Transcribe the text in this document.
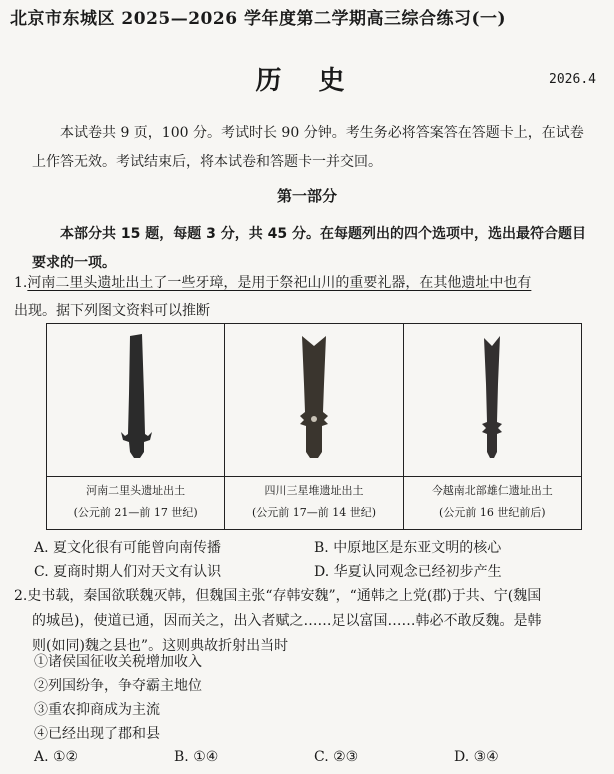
北京市东城区 2025—2026 学年度第二学期高三综合练习(一)
历 史	2026.4
本试卷共 9 页，100 分。考试时长 90 分钟。考生务必将答案答在答题卡上，在试卷上作答无效。考试结束后，将本试卷和答题卡一并交回。
第一部分
本部分共 15 题，每题 3 分，共 45 分。在每题列出的四个选项中，选出最符合题目要求的一项。
1.河南二里头遗址出土了一些牙璋，是用于祭祀山川的重要礼器，在其他遗址中也有
出现。据下列图文资料可以推断
河南二里头遗址出土
(公元前 21—前 17 世纪)
四川三星堆遗址出土
(公元前 17—前 14 世纪)
今越南北部雄仁遗址出土
(公元前 16 世纪前后)
A. 夏文化很有可能曾向南传播	B. 中原地区是东亚文明的核心
C. 夏商时期人们对天文有认识	D. 华夏认同观念已经初步产生
2.史书载，秦国欲联魏灭韩，但魏国主张“存韩安魏”，“通韩之上党(郡)于共、宁(魏国
的城邑)，使道已通，因而关之，出入者赋之……足以富国……韩必不敢反魏。是韩
则(如同)魏之县也”。这则典故折射出当时
①诸侯国征收关税增加收入
②列国纷争，争夺霸主地位
③重农抑商成为主流
④已经出现了郡和县
A. ①②	B. ①④	C. ②③	D. ③④
